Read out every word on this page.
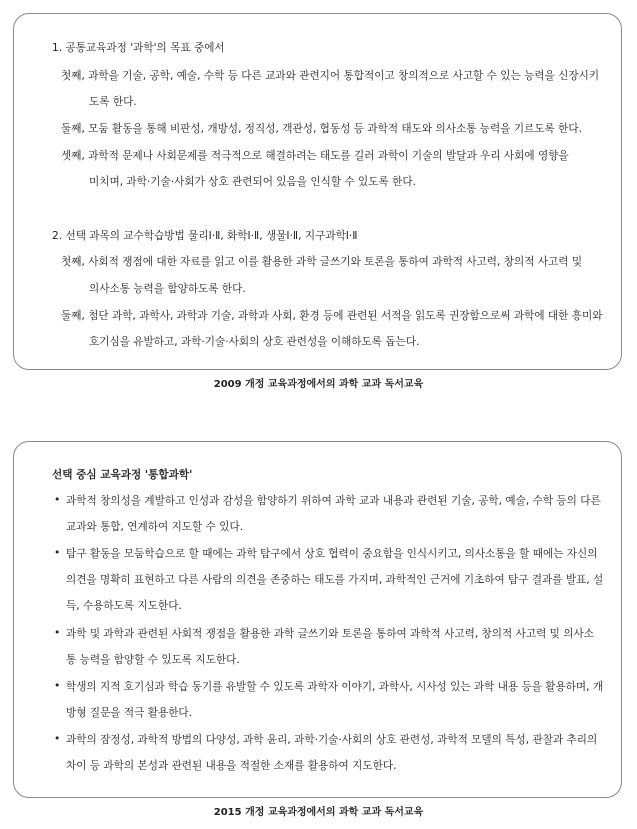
1. 공통교육과정 '과학'의 목표 중에서
첫째, 과학을 기술, 공학, 예술, 수학 등 다른 교과와 관련지어 통합적이고 창의적으로 사고할 수 있는 능력을 신장시키
도록 한다.
둘째, 모둠 활동을 통해 비판성, 개방성, 정직성, 객관성, 협동성 등 과학적 태도와 의사소통 능력을 기르도록 한다.
셋째, 과학적 문제나 사회문제를 적극적으로 해결하려는 태도를 길러 과학이 기술의 발달과 우리 사회에 영향을
미치며, 과학·기술·사회가 상호 관련되어 있음을 인식할 수 있도록 한다.
2. 선택 과목의 교수학습방법 물리Ⅰ·Ⅱ, 화학Ⅰ·Ⅱ, 생물Ⅰ·Ⅱ, 지구과학Ⅰ·Ⅱ
첫째, 사회적 쟁점에 대한 자료를 읽고 이를 활용한 과학 글쓰기와 토론을 통하여 과학적 사고력, 창의적 사고력 및
의사소통 능력을 함양하도록 한다.
둘째, 첨단 과학, 과학사, 과학과 기술, 과학과 사회, 환경 등에 관련된 서적을 읽도록 권장함으로써 과학에 대한 흥미와
호기심을 유발하고, 과학·기술·사회의 상호 관련성을 이해하도록 돕는다.
2009 개정 교육과정에서의 과학 교과 독서교육
선택 중심 교육과정 '통합과학'
• 과학적 창의성을 계발하고 인성과 감성을 함양하기 위하여 과학 교과 내용과 관련된 기술, 공학, 예술, 수학 등의 다른
교과와 통합, 연계하여 지도할 수 있다.
• 탐구 활동을 모둠학습으로 할 때에는 과학 탐구에서 상호 협력이 중요함을 인식시키고, 의사소통을 할 때에는 자신의
의견을 명확히 표현하고 다른 사람의 의견을 존중하는 태도를 가지며, 과학적인 근거에 기초하여 탐구 결과를 발표, 설
득, 수용하도록 지도한다.
• 과학 및 과학과 관련된 사회적 쟁점을 활용한 과학 글쓰기와 토론을 통하여 과학적 사고력, 창의적 사고력 및 의사소
통 능력을 함양할 수 있도록 지도한다.
• 학생의 지적 호기심과 학습 동기를 유발할 수 있도록 과학자 이야기, 과학사, 시사성 있는 과학 내용 등을 활용하며, 개
방형 질문을 적극 활용한다.
• 과학의 잠정성, 과학적 방법의 다양성, 과학 윤리, 과학·기술·사회의 상호 관련성, 과학적 모델의 특성, 관찰과 추리의
차이 등 과학의 본성과 관련된 내용을 적절한 소재를 활용하여 지도한다.
2015 개정 교육과정에서의 과학 교과 독서교육
